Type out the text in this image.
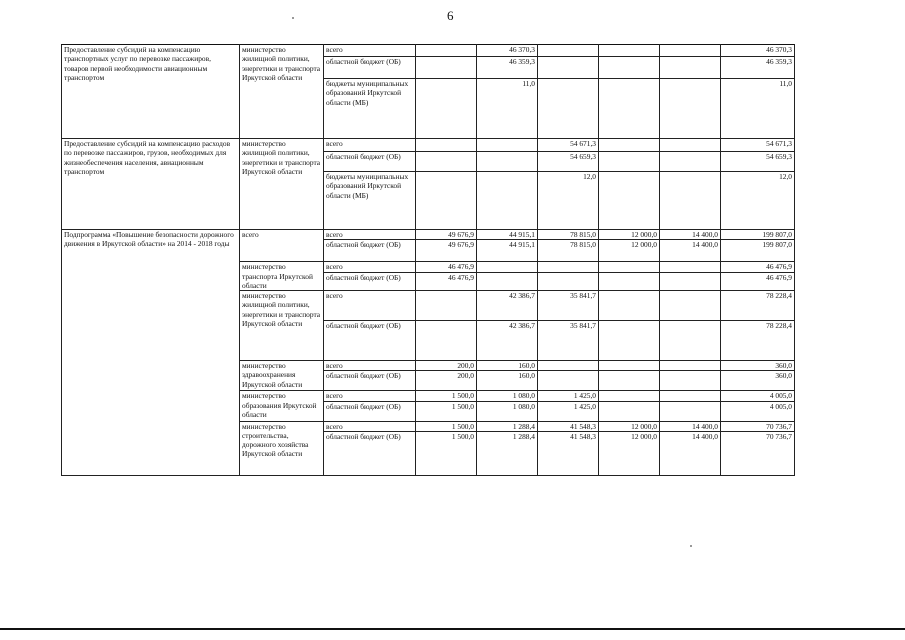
6
Предоставление субсидий на компенсацию транспортных услуг по перевозке пассажиров, товаров первой необходимости авиационным транспортом	министерство жилищной политики, энергетики и транспорта Иркутской области	всего		46 370,3				46 370,3
		областной бюджет (ОБ)		46 359,3				46 359,3
		бюджеты муниципальных образований Иркутской области (МБ)		11,0				11,0
Предоставление субсидий на компенсацию расходов по перевозке пассажиров, грузов, необходимых для жизнеобеспечения населения, авиационным транспортом	министерство жилищной политики, энергетики и транспорта Иркутской области	всего			54 671,3			54 671,3
		областной бюджет (ОБ)			54 659,3			54 659,3
		бюджеты муниципальных образований Иркутской области (МБ)			12,0			12,0
Подпрограмма «Повышение безопасности дорожного движения в Иркутской области» на 2014 - 2018 годы	всего	всего	49 676,9	44 915,1	78 815,0	12 000,0	14 400,0	199 807,0
		областной бюджет (ОБ)	49 676,9	44 915,1	78 815,0	12 000,0	14 400,0	199 807,0
	министерство транспорта Иркутской области	всего	46 476,9					46 476,9
		областной бюджет (ОБ)	46 476,9					46 476,9
	министерство жилищной политики, энергетики и транспорта Иркутской области	всего		42 386,7	35 841,7			78 228,4
		областной бюджет (ОБ)		42 386,7	35 841,7			78 228,4
	министерство здравоохранения Иркутской области	всего	200,0	160,0				360,0
		областной бюджет (ОБ)	200,0	160,0				360,0
	министерство образования Иркутской области	всего	1 500,0	1 080,0	1 425,0			4 005,0
		областной бюджет (ОБ)	1 500,0	1 080,0	1 425,0			4 005,0
	министерство строительства, дорожного хозяйства Иркутской области	всего	1 500,0	1 288,4	41 548,3	12 000,0	14 400,0	70 736,7
		областной бюджет (ОБ)	1 500,0	1 288,4	41 548,3	12 000,0	14 400,0	70 736,7
